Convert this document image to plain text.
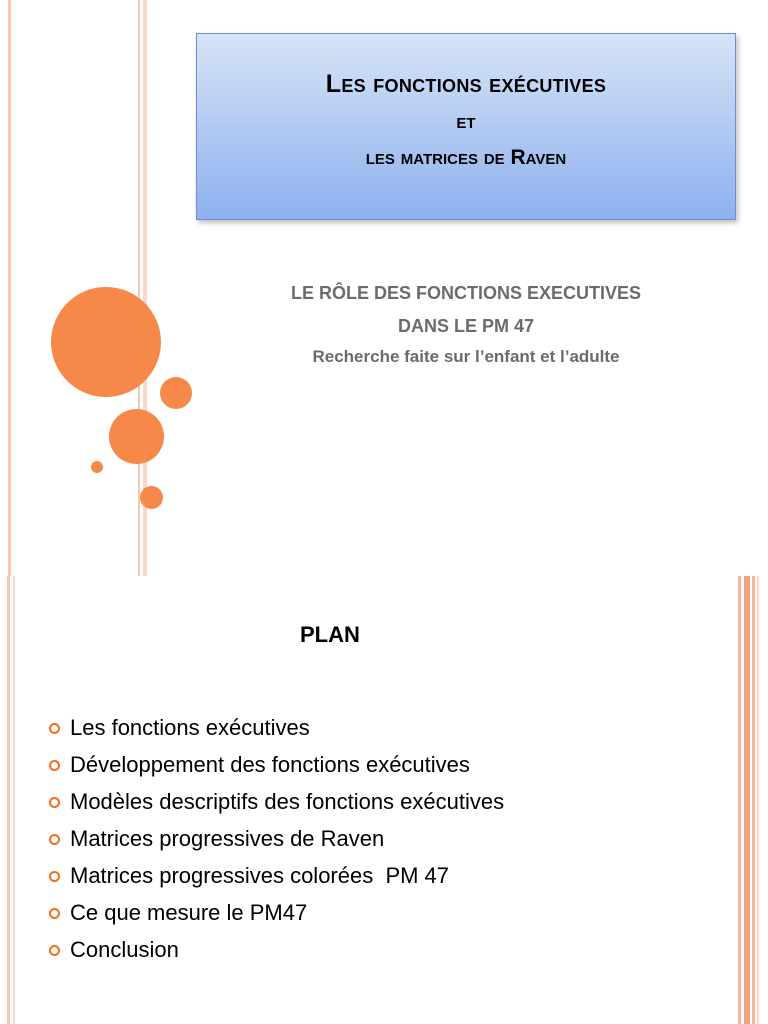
Les fonctions exécutives
et
les matrices de Raven
LE RÔLE DES FONCTIONS EXECUTIVES
DANS LE PM 47
Recherche faite sur l’enfant et l’adulte
PLAN
Les fonctions exécutives
Développement des fonctions exécutives
Modèles descriptifs des fonctions exécutives
Matrices progressives de Raven
Matrices progressives colorées  PM 47
Ce que mesure le PM47
Conclusion
